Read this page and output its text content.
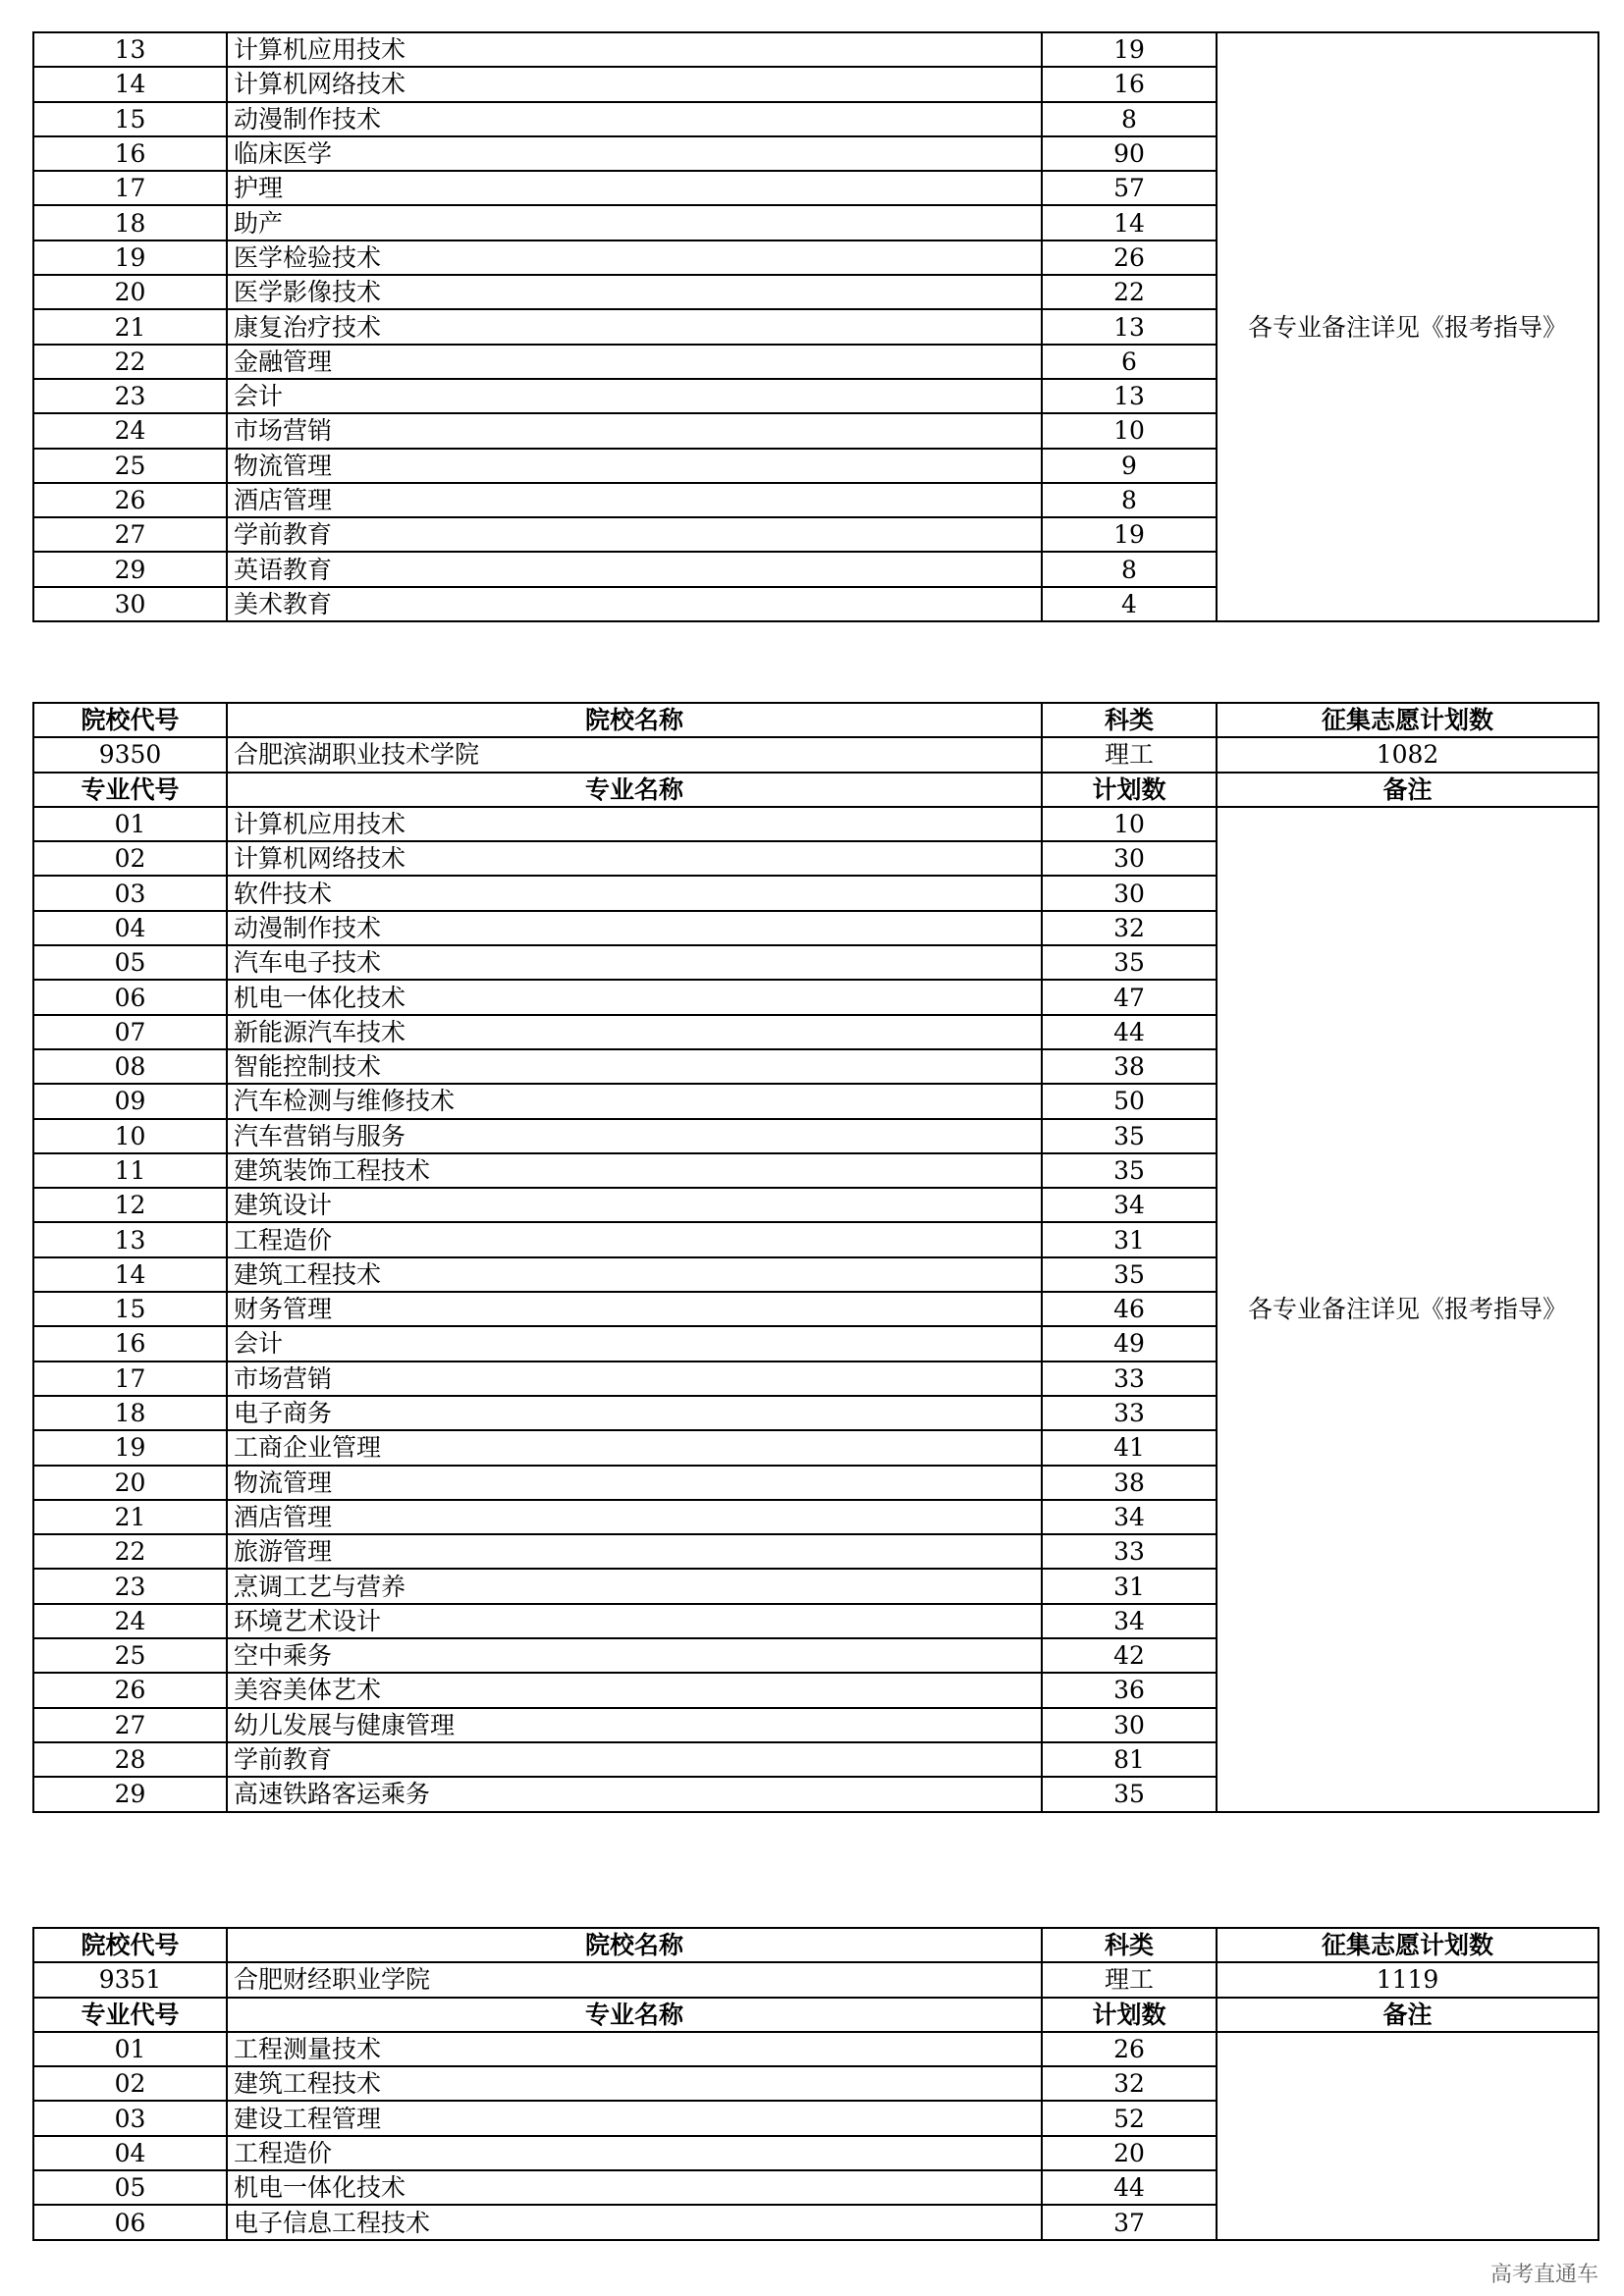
13	计算机应用技术	19	各专业备注详见《报考指导》
14	计算机网络技术	16	
15	动漫制作技术	8	
16	临床医学	90	
17	护理	57	
18	助产	14	
19	医学检验技术	26	
20	医学影像技术	22	
21	康复治疗技术	13	
22	金融管理	6	
23	会计	13	
24	市场营销	10	
25	物流管理	9	
26	酒店管理	8	
27	学前教育	19	
29	英语教育	8	
30	美术教育	4	
院校代号	院校名称	科类	征集志愿计划数
9350	合肥滨湖职业技术学院	理工	1082
专业代号	专业名称	计划数	备注
01	计算机应用技术	10	各专业备注详见《报考指导》
02	计算机网络技术	30	
03	软件技术	30	
04	动漫制作技术	32	
05	汽车电子技术	35	
06	机电一体化技术	47	
07	新能源汽车技术	44	
08	智能控制技术	38	
09	汽车检测与维修技术	50	
10	汽车营销与服务	35	
11	建筑装饰工程技术	35	
12	建筑设计	34	
13	工程造价	31	
14	建筑工程技术	35	
15	财务管理	46	
16	会计	49	
17	市场营销	33	
18	电子商务	33	
19	工商企业管理	41	
20	物流管理	38	
21	酒店管理	34	
22	旅游管理	33	
23	烹调工艺与营养	31	
24	环境艺术设计	34	
25	空中乘务	42	
26	美容美体艺术	36	
27	幼儿发展与健康管理	30	
28	学前教育	81	
29	高速铁路客运乘务	35	
院校代号	院校名称	科类	征集志愿计划数
9351	合肥财经职业学院	理工	1119
专业代号	专业名称	计划数	备注
01	工程测量技术	26	
02	建筑工程技术	32	
03	建设工程管理	52	
04	工程造价	20	
05	机电一体化技术	44	
06	电子信息工程技术	37	
高考直通车
